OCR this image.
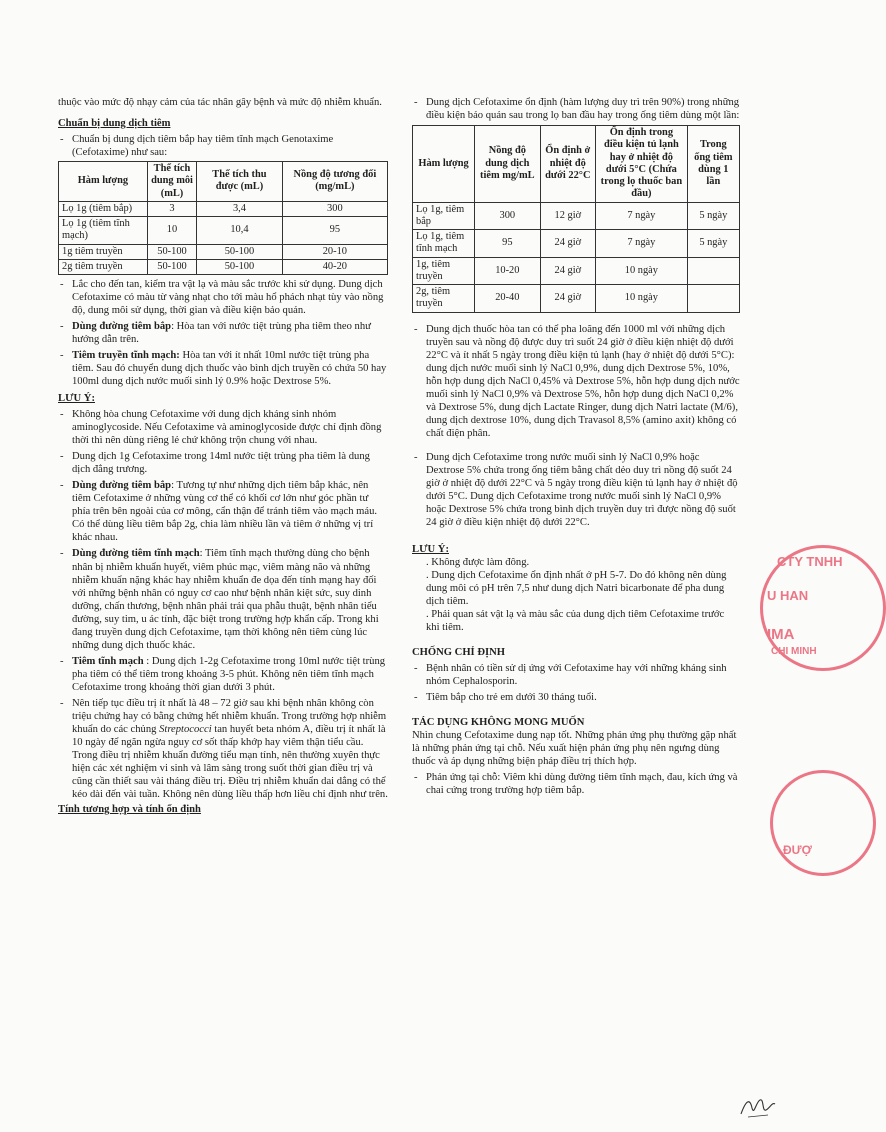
thuộc vào mức độ nhạy cảm của tác nhân gây bệnh và mức độ nhiễm khuẩn.

Chuẩn bị dung dịch tiêm

- Chuẩn bị dung dịch tiêm bắp hay tiêm tĩnh mạch Genotaxime (Cefotaxime) như sau:

Hàm lượng	Thể tích dung môi (mL)	Thể tích thu được (mL)	Nồng độ tương đối (mg/mL)
Lọ 1g (tiêm bắp)	3	3,4	300
Lọ 1g (tiêm tĩnh mạch)	10	10,4	95
1g tiêm truyền	50-100	50-100	20-10
2g tiêm truyền	50-100	50-100	40-20

- Lắc cho đến tan, kiểm tra vật lạ và màu sắc trước khi sử dụng. Dung dịch Cefotaxime có màu từ vàng nhạt cho tới màu hổ phách nhạt tùy vào nồng độ, dung môi sử dụng, thời gian và điều kiện bảo quản.

- Dùng đường tiêm bắp: Hòa tan với nước tiệt trùng pha tiêm theo như hướng dẫn trên.

- Tiêm truyền tĩnh mạch: Hòa tan với ít nhất 10ml nước tiệt trùng pha tiêm. Sau đó chuyển dung dịch thuốc vào bình dịch truyền có chứa 50 hay 100ml dung dịch nước muối sinh lý 0.9% hoặc Dextrose 5%.

LƯU Ý:

- Không hòa chung Cefotaxime với dung dịch kháng sinh nhóm aminoglycoside. Nếu Cefotaxime và aminoglycoside được chỉ định đồng thời thì nên dùng riêng lẻ chứ không trộn chung với nhau.

- Dung dịch 1g Cefotaxime trong 14ml nước tiệt trùng pha tiêm là dung dịch đẳng trương.

- Dùng đường tiêm bắp: Tương tự như những dịch tiêm bắp khác, nên tiêm Cefotaxime ở những vùng cơ thể có khối cơ lớn như góc phần tư phía trên bên ngoài của cơ mông, cẩn thận để tránh tiêm vào mạch máu. Có thể dùng liều tiêm bắp 2g, chia làm nhiều lần và tiêm ở những vị trí khác nhau.

- Dùng đường tiêm tĩnh mạch: Tiêm tĩnh mạch thường dùng cho bệnh nhân bị nhiễm khuẩn huyết, viêm phúc mạc, viêm màng não và những nhiễm khuẩn nặng khác hay nhiễm khuẩn đe dọa đến tính mạng hay đối với những bệnh nhân có nguy cơ cao như bệnh nhân kiệt sức, suy dinh dưỡng, chấn thương, bệnh nhân phải trải qua phẫu thuật, bệnh nhân tiểu đường, suy tim, u ác tính, đặc biệt trong trường hợp khẩn cấp. Trong khi đang truyền dung dịch Cefotaxime, tạm thời không nên tiêm cùng lúc những dung dịch thuốc khác.

- Tiêm tĩnh mạch : Dung dịch 1-2g Cefotaxime trong 10ml nước tiệt trùng pha tiêm có thể tiêm trong khoảng 3-5 phút. Không nên tiêm tĩnh mạch Cefotaxime trong khoảng thời gian dưới 3 phút.

- Nên tiếp tục điều trị ít nhất là 48 – 72 giờ sau khi bệnh nhân không còn triệu chứng hay có bằng chứng hết nhiễm khuẩn. Trong trường hợp nhiễm khuẩn do các chủng Streptococci tan huyết beta nhóm A, điều trị ít nhất là 10 ngày để ngăn ngừa nguy cơ sốt thấp khớp hay viêm thận tiểu cầu. Trong điều trị nhiễm khuẩn đường tiểu mạn tính, nên thường xuyên thực hiện các xét nghiệm vi sinh và lâm sàng trong suốt thời gian điều trị và cũng cần thiết sau vài tháng điều trị. Điều trị nhiễm khuẩn dai dẳng có thể kéo dài đến vài tuần. Không nên dùng liều thấp hơn liều chỉ định như trên.

Tính tương hợp và tính ổn định

- Dung dịch Cefotaxime ổn định (hàm lượng duy trì trên 90%) trong những điều kiện bảo quản sau trong lọ ban đầu hay trong ống tiêm dùng một lần:

Hàm lượng	Nồng độ dung dịch tiêm mg/mL	Ổn định ở nhiệt độ dưới 22°C	Ổn định trong điều kiện tủ lạnh hay ở nhiệt độ dưới 5°C (Chứa trong lọ thuốc ban đầu)	Trong ống tiêm dùng 1 lần
Lọ 1g, tiêm bắp	300	12 giờ	7 ngày	5 ngày
Lọ 1g, tiêm tĩnh mạch	95	24 giờ	7 ngày	5 ngày
1g, tiêm truyền	10-20	24 giờ	10 ngày	
2g, tiêm truyền	20-40	24 giờ	10 ngày	

- Dung dịch thuốc hòa tan có thể pha loãng đến 1000 ml với những dịch truyền sau và nồng độ được duy trì suốt 24 giờ ở điều kiện nhiệt độ dưới 22°C và ít nhất 5 ngày trong điều kiện tủ lạnh (hay ở nhiệt độ dưới 5°C): dung dịch nước muối sinh lý NaCl 0,9%, dung dịch Dextrose 5%, 10%, hỗn hợp dung dịch NaCl 0,45% và Dextrose 5%, hỗn hợp dung dịch nước muối sinh lý NaCl 0,9% và Dextrose 5%, hỗn hợp dung dịch NaCl 0,2% và Dextrose 5%, dung dịch Lactate Ringer, dung dịch Natri lactate (M/6), dung dịch dextrose 10%, dung dịch Travasol 8,5% (amino axit) không có chất điện phân.

- Dung dịch Cefotaxime trong nước muối sinh lý NaCl 0,9% hoặc Dextrose 5% chứa trong ống tiêm bằng chất dẻo duy trì nồng độ suốt 24 giờ ở nhiệt độ dưới 22°C và 5 ngày trong điều kiện tủ lạnh hay ở nhiệt độ dưới 5°C. Dung dịch Cefotaxime trong nước muối sinh lý NaCl 0,9% hoặc Dextrose 5% chứa trong bình dịch truyền duy trì được nồng độ suốt 24 giờ ở điều kiện nhiệt độ dưới 22°C.

LƯU Ý:

. Không được làm đông.

. Dung dịch Cefotaxime ổn định nhất ở pH 5-7. Do đó không nên dùng dung môi có pH trên 7,5 như dung dịch Natri bicarbonate để pha dung dịch tiêm.

. Phải quan sát vật lạ và màu sắc của dung dịch tiêm Cefotaxime trước khi tiêm.

CHỐNG CHỈ ĐỊNH

- Bệnh nhân có tiền sử dị ứng với Cefotaxime hay với những kháng sinh nhóm Cephalosporin.

- Tiêm bắp cho trẻ em dưới 30 tháng tuổi.

TÁC DỤNG KHÔNG MONG MUỐN

Nhìn chung Cefotaxime dung nạp tốt. Những phản ứng phụ thường gặp nhất là những phản ứng tại chỗ. Nếu xuất hiện phản ứng phụ nên ngưng dùng thuốc và áp dụng những biện pháp điều trị thích hợp.

- Phản ứng tại chỗ: Viêm khi dùng đường tiêm tĩnh mạch, đau, kích ứng và chai cứng trong trường hợp tiêm bắp.

CTY TNHH
U HAN
IMA
CHI MINH
ĐƯỢ
